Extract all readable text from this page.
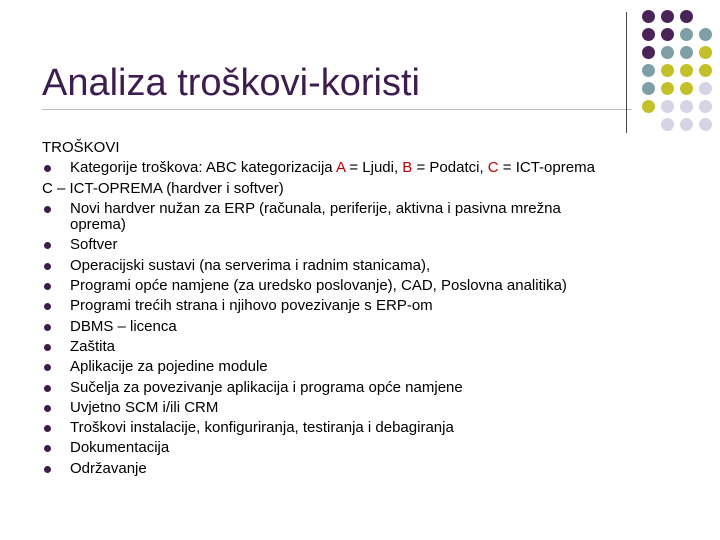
Analiza troškovi-koristi
TROŠKOVI
Kategorije troškova: ABC kategorizacija A = Ljudi, B = Podatci, C = ICT-oprema
C – ICT-OPREMA (hardver i softver)
Novi hardver nužan za ERP (računala, periferije, aktivna i pasivna mrežna
oprema)
Softver
Operacijski sustavi (na serverima i radnim stanicama),
Programi opće namjene (za uredsko poslovanje), CAD, Poslovna analitika)
Programi trećih strana i njihovo povezivanje s ERP-om
DBMS – licenca
Zaštita
Aplikacije za pojedine module
Sučelja za povezivanje aplikacija i programa opće namjene
Uvjetno SCM i/ili CRM
Troškovi instalacije, konfiguriranja, testiranja i debagiranja
Dokumentacija
Održavanje
